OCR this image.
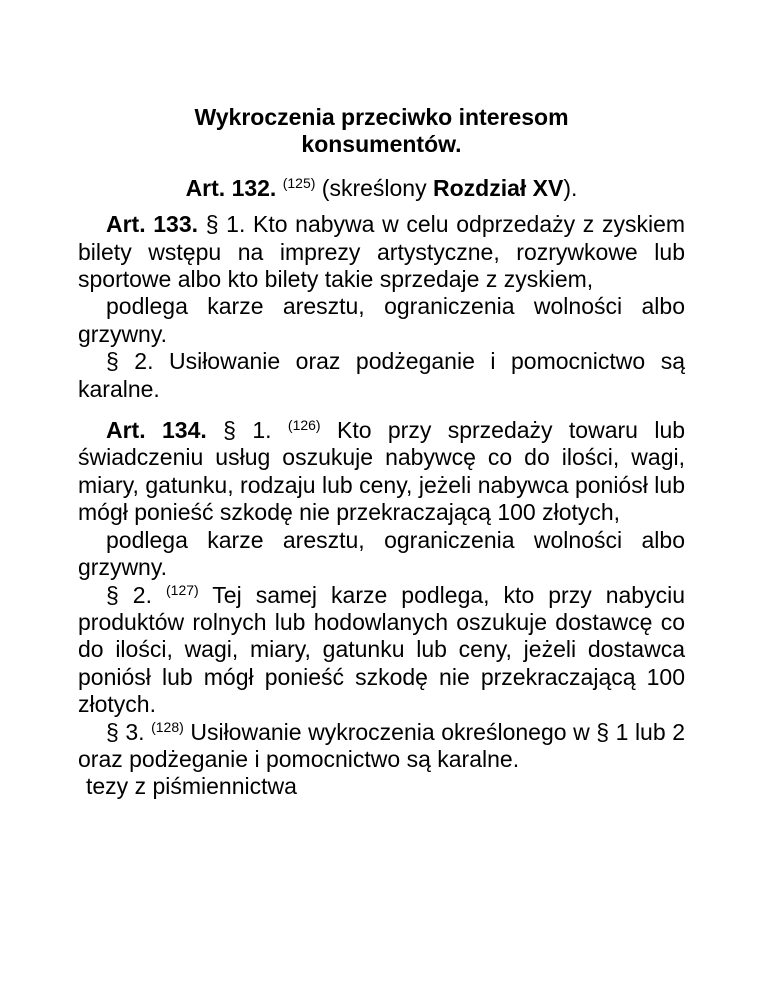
Wykroczenia przeciwko interesom
konsumentów.

Art. 132. $^{(125)}$ (skreślony Rozdział XV).

Art. 133. § 1. Kto nabywa w celu odprzedaży z zyskiem bilety wstępu na imprezy artystyczne, rozrywkowe lub sportowe albo kto bilety takie sprzedaje z zyskiem,

podlega karze aresztu, ograniczenia wolności albo grzywny.

§ 2. Usiłowanie oraz podżeganie i pomocnictwo są karalne.

Art. 134. § 1. $^{(126)}$ Kto przy sprzedaży towaru lub świadczeniu usług oszukuje nabywcę co do ilości, wagi, miary, gatunku, rodzaju lub ceny, jeżeli nabywca poniósł lub mógł ponieść szkodę nie przekraczającą 100 złotych,

podlega karze aresztu, ograniczenia wolności albo grzywny.

§ 2. $^{(127)}$ Tej samej karze podlega, kto przy nabyciu produktów rolnych lub hodowlanych oszukuje dostawcę co do ilości, wagi, miary, gatunku lub ceny, jeżeli dostawca poniósł lub mógł ponieść szkodę nie przekraczającą 100 złotych.

§ 3. $^{(128)}$ Usiłowanie wykroczenia określonego w § 1 lub 2 oraz podżeganie i pomocnictwo są karalne.

tezy z piśmiennictwa
